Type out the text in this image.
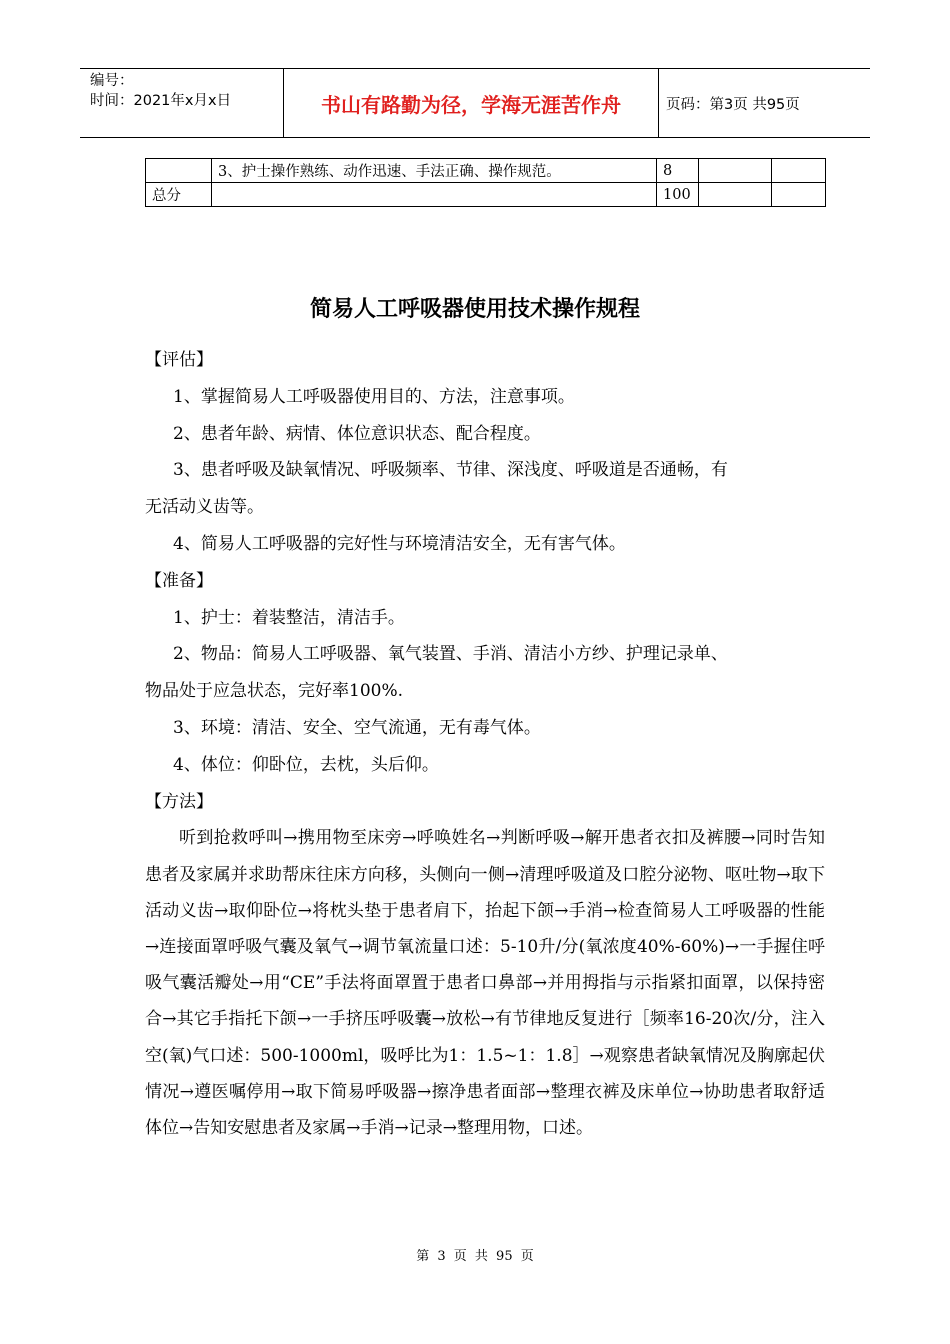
编号：
时间：2021年x月x日	书山有路勤为径，学海无涯苦作舟	页码：第3页 共95页
	3、护士操作熟练、动作迅速、手法正确、操作规范。	8		
总分		100		
简易人工呼吸器使用技术操作规程
【评估】
1、掌握简易人工呼吸器使用目的、方法，注意事项。
2、患者年龄、病情、体位意识状态、配合程度。
3、患者呼吸及缺氧情况、呼吸频率、节律、深浅度、呼吸道是否通畅，有
无活动义齿等。
4、简易人工呼吸器的完好性与环境清洁安全，无有害气体。
【准备】
1、护士：着装整洁，清洁手。
2、物品：简易人工呼吸器、氧气装置、手消、清洁小方纱、护理记录单、
物品处于应急状态，完好率100%.
3、环境：清洁、安全、空气流通，无有毒气体。
4、体位：仰卧位，去枕，头后仰。
【方法】
听到抢救呼叫→携用物至床旁→呼唤姓名→判断呼吸→解开患者衣扣及裤腰→同时告知患者及家属并求助帮床往床方向移，头侧向一侧→清理呼吸道及口腔分泌物、呕吐物→取下活动义齿→取仰卧位→将枕头垫于患者肩下，抬起下颌→手消→检查简易人工呼吸器的性能→连接面罩呼吸气囊及氧气→调节氧流量口述：5-10升/分(氧浓度40%-60%)→一手握住呼吸气囊活瓣处→用“CE”手法将面罩置于患者口鼻部→并用拇指与示指紧扣面罩，以保持密合→其它手指托下颌→一手挤压呼吸囊→放松→有节律地反复进行［频率16-20次/分，注入空(氧)气口述：500-1000ml，吸呼比为1：1.5~1：1.8］→观察患者缺氧情况及胸廓起伏情况→遵医嘱停用→取下简易呼吸器→擦净患者面部→整理衣裤及床单位→协助患者取舒适体位→告知安慰患者及家属→手消→记录→整理用物，口述。
第 3 页 共 95 页
